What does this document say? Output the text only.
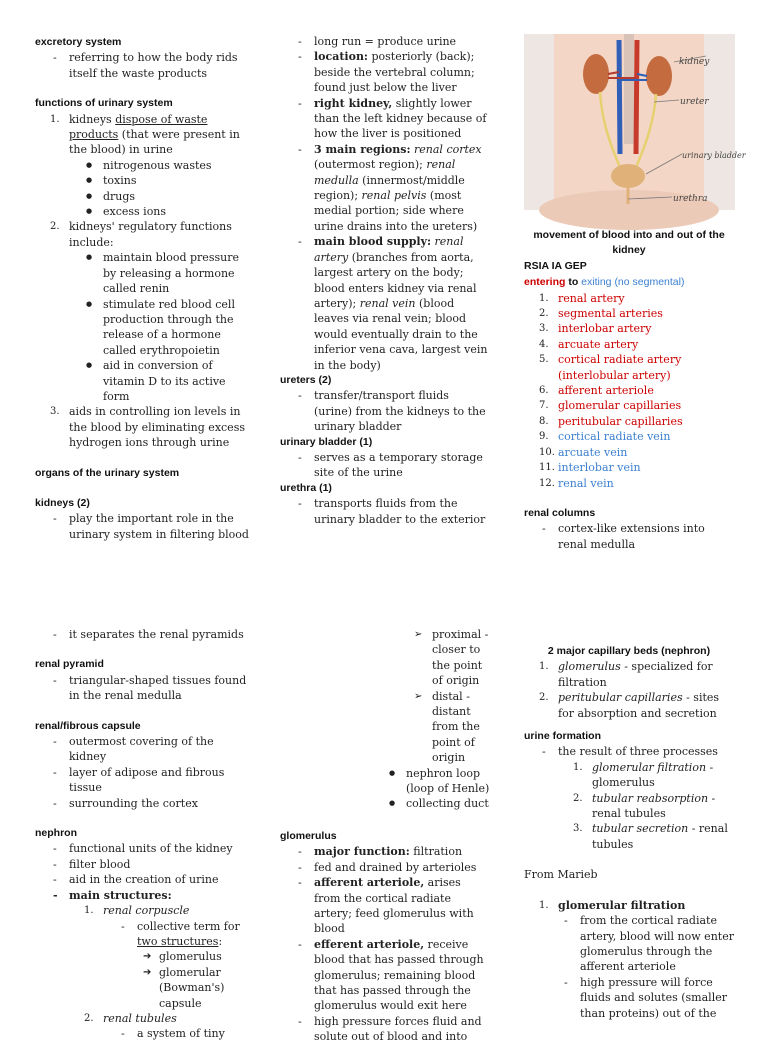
excretory system
- referring to how the body rids itself the waste products
functions of urinary system
1. kidneys dispose of waste products (that were present in the blood) in urine
● nitrogenous wastes
● toxins
● drugs
● excess ions
2. kidneys' regulatory functions include:
● maintain blood pressure by releasing a hormone called renin
● stimulate red blood cell production through the release of a hormone called erythropoietin
● aid in conversion of vitamin D to its active form
3. aids in controlling ion levels in the blood by eliminating excess hydrogen ions through urine
organs of the urinary system
kidneys (2)
- play the important role in the urinary system in filtering blood
- long run = produce urine
- location: posteriorly (back); beside the vertebral column; found just below the liver
- right kidney, slightly lower than the left kidney because of how the liver is positioned
- 3 main regions: renal cortex (outermost region); renal medulla (innermost/middle region); renal pelvis (most medial portion; side where urine drains into the ureters)
- main blood supply: renal artery (branches from aorta, largest artery on the body; blood enters kidney via renal artery); renal vein (blood leaves via renal vein; blood would eventually drain to the inferior vena cava, largest vein in the body)
ureters (2)
- transfer/transport fluids (urine) from the kidneys to the urinary bladder
urinary bladder (1)
- serves as a temporary storage site of the urine
urethra (1)
- transports fluids from the urinary bladder to the exterior
kidney
ureter
urinary bladder
urethra
movement of blood into and out of the kidney
RSIA IA GEP
entering to exiting (no segmental)
1. renal artery
2. segmental arteries
3. interlobar artery
4. arcuate artery
5. cortical radiate artery (interlobular artery)
6. afferent arteriole
7. glomerular capillaries
8. peritubular capillaries
9. cortical radiate vein
10. arcuate vein
11. interlobar vein
12. renal vein
renal columns
- cortex-like extensions into renal medulla
- it separates the renal pyramids
renal pyramid
- triangular-shaped tissues found in the renal medulla
renal/fibrous capsule
- outermost covering of the kidney
- layer of adipose and fibrous tissue
- surrounding the cortex
nephron
- functional units of the kidney
- filter blood
- aid in the creation of urine
- main structures:
1. renal corpuscle
- collective term for two structures:
➔ glomerulus
➔ glomerular (Bowman's) capsule
2. renal tubules
- a system of tiny
➢ proximal - closer to the point of origin
➢ distal - distant from the point of origin
● nephron loop (loop of Henle)
● collecting duct
glomerulus
- major function: filtration
- fed and drained by arterioles
- afferent arteriole, arises from the cortical radiate artery; feed glomerulus with blood
- efferent arteriole, receive blood that has passed through glomerulus; remaining blood that has passed through the glomerulus would exit here
- high pressure forces fluid and solute out of blood and into
2 major capillary beds (nephron)
1. glomerulus - specialized for filtration
2. peritubular capillaries - sites for absorption and secretion
urine formation
- the result of three processes
1. glomerular filtration - glomerulus
2. tubular reabsorption - renal tubules
3. tubular secretion - renal tubules
From Marieb
1. glomerular filtration
- from the cortical radiate artery, blood will now enter glomerulus through the afferent arteriole
- high pressure will force fluids and solutes (smaller than proteins) out of the
